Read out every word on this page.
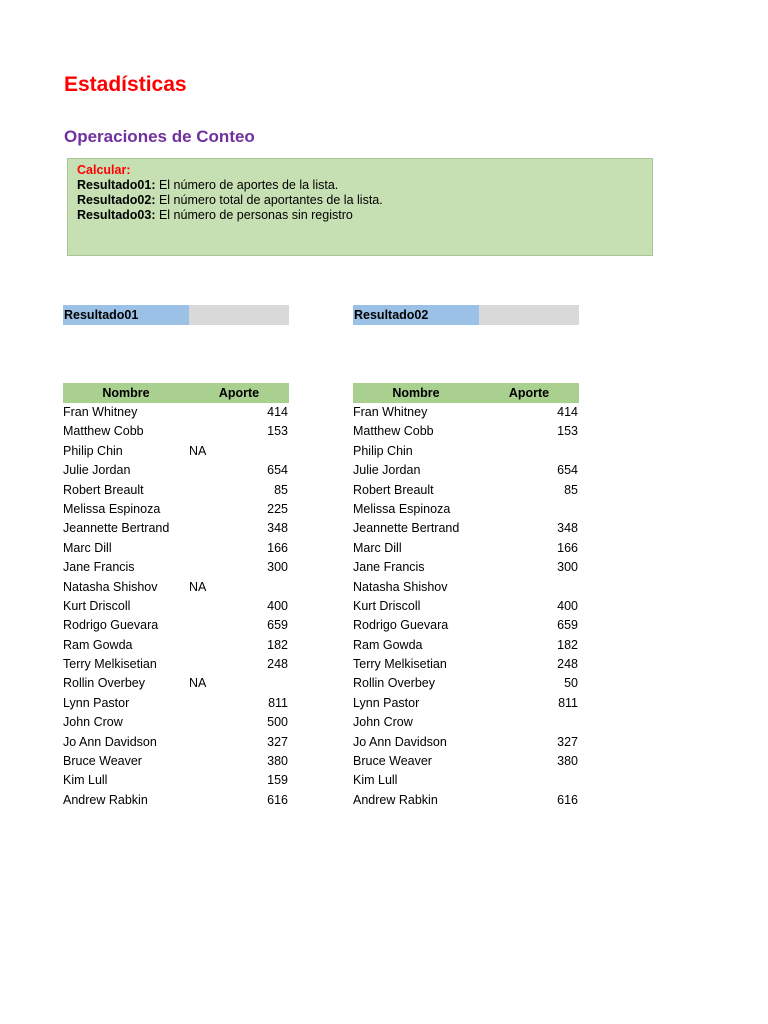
Estadísticas
Operaciones de Conteo
Calcular:
Resultado01: El número de aportes de la lista.
Resultado02: El número total de aportantes de la lista.
Resultado03: El número de personas sin registro
Resultado01	Resultado02
Nombre	Aporte
Fran Whitney	414
Matthew Cobb	153
Philip Chin	NA
Julie Jordan	654
Robert Breault	85
Melissa Espinoza	225
Jeannette Bertrand	348
Marc Dill	166
Jane Francis	300
Natasha Shishov	NA
Kurt Driscoll	400
Rodrigo Guevara	659
Ram Gowda	182
Terry Melkisetian	248
Rollin Overbey	NA
Lynn Pastor	811
John Crow	500
Jo Ann Davidson	327
Bruce Weaver	380
Kim Lull	159
Andrew Rabkin	616
Nombre	Aporte
Fran Whitney	414
Matthew Cobb	153
Philip Chin
Julie Jordan	654
Robert Breault	85
Melissa Espinoza
Jeannette Bertrand	348
Marc Dill	166
Jane Francis	300
Natasha Shishov
Kurt Driscoll	400
Rodrigo Guevara	659
Ram Gowda	182
Terry Melkisetian	248
Rollin Overbey	50
Lynn Pastor	811
John Crow
Jo Ann Davidson	327
Bruce Weaver	380
Kim Lull
Andrew Rabkin	616
